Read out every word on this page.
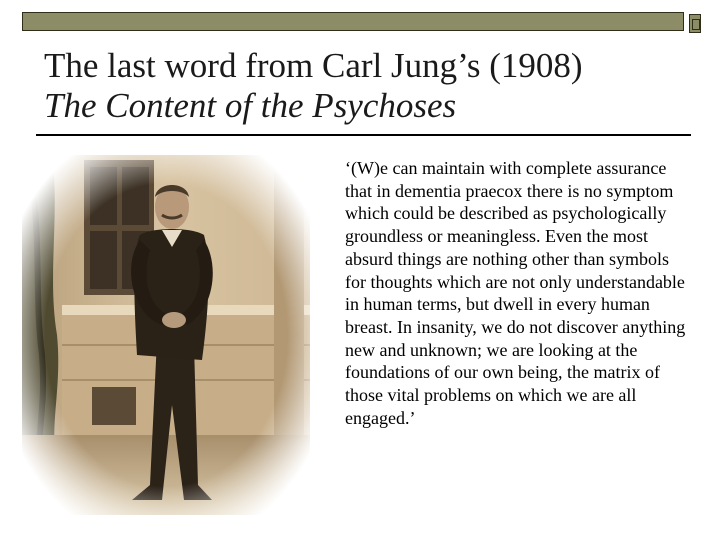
The last word from Carl Jung’s (1908)
The Content of the Psychoses

‘(W)e can maintain with complete assurance that in dementia praecox there is no symptom which could be described as psychologically groundless or meaningless. Even the most absurd things are nothing other than symbols for thoughts which are not only understandable in human terms, but dwell in every human breast. In insanity, we do not discover anything new and unknown; we are looking at the foundations of our own being, the matrix of those vital problems on which we are all engaged.’
